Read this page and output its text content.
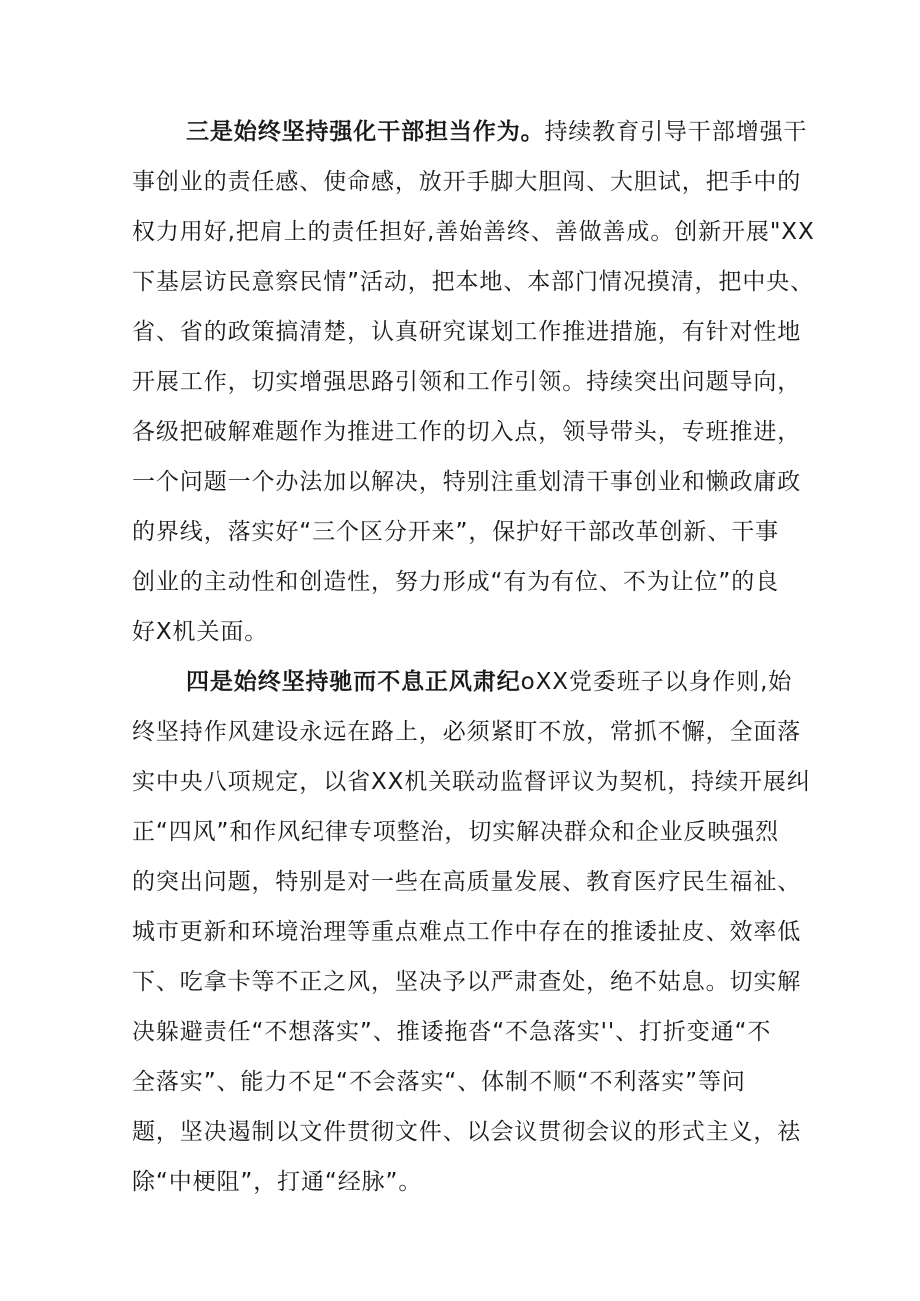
三是始终坚持强化干部担当作为。持续教育引导干部增强干
事创业的责任感、使命感，放开手脚大胆闯、大胆试，把手中的
权力用好,把肩上的责任担好,善始善终、善做善成。创新开展"XX
下基层访民意察民情”活动，把本地、本部门情况摸清，把中央、
省、省的政策搞清楚，认真研究谋划工作推进措施，有针对性地
开展工作，切实增强思路引领和工作引领。持续突出问题导向，
各级把破解难题作为推进工作的切入点，领导带头，专班推进，
一个问题一个办法加以解决，特别注重划清干事创业和懒政庸政
的界线，落实好“三个区分开来”，保护好干部改革创新、干事
创业的主动性和创造性，努力形成“有为有位、不为让位”的良
好X机关面。
四是始终坚持驰而不息正风肃纪oXX党委班子以身作则,始
终坚持作风建设永远在路上，必须紧盯不放，常抓不懈，全面落
实中央八项规定，以省XX机关联动监督评议为契机，持续开展纠
正“四风”和作风纪律专项整治，切实解决群众和企业反映强烈
的突出问题，特别是对一些在高质量发展、教育医疗民生福祉、
城市更新和环境治理等重点难点工作中存在的推诿扯皮、效率低
下、吃拿卡等不正之风，坚决予以严肃查处，绝不姑息。切实解
决躲避责任“不想落实”、推诿拖沓“不急落实''、打折变通“不
全落实”、能力不足“不会落实“、体制不顺“不利落实”等问
题，坚决遏制以文件贯彻文件、以会议贯彻会议的形式主义，祛
除“中梗阻”，打通“经脉”。
